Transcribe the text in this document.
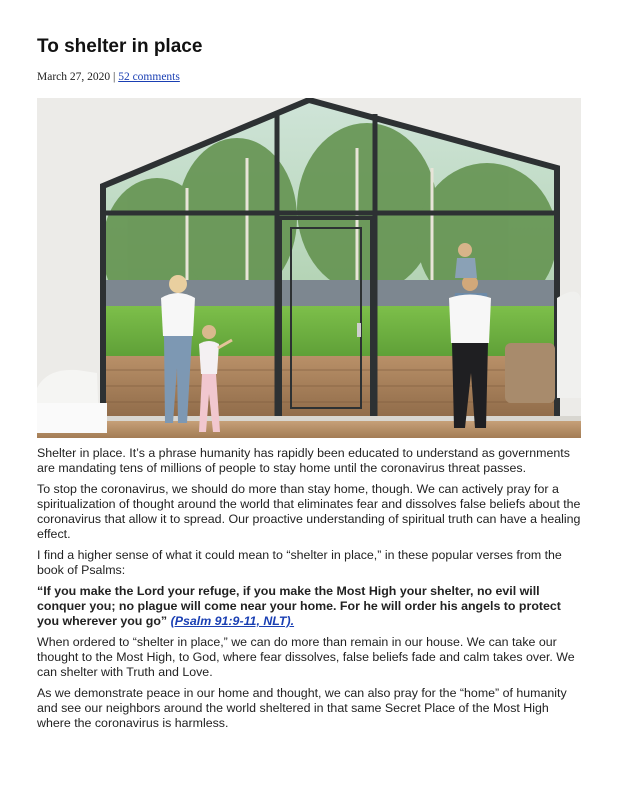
To shelter in place
March 27, 2020 | 52 comments

Shelter in place. It’s a phrase humanity has rapidly been educated to understand as governments are mandating tens of millions of people to stay home until the coronavirus threat passes.

To stop the coronavirus, we should do more than stay home, though. We can actively pray for a spiritualization of thought around the world that eliminates fear and dissolves false beliefs about the coronavirus that allow it to spread. Our proactive understanding of spiritual truth can have a healing effect.

I find a higher sense of what it could mean to “shelter in place,” in these popular verses from the book of Psalms:

“If you make the Lord your refuge, if you make the Most High your shelter, no evil will conquer you; no plague will come near your home. For he will order his angels to protect you wherever you go” (Psalm 91:9-11, NLT).

When ordered to “shelter in place,” we can do more than remain in our house. We can take our thought to the Most High, to God, where fear dissolves, false beliefs fade and calm takes over. We can shelter with Truth and Love.

As we demonstrate peace in our home and thought, we can also pray for the “home” of humanity and see our neighbors around the world sheltered in that same Secret Place of the Most High where the coronavirus is harmless.
